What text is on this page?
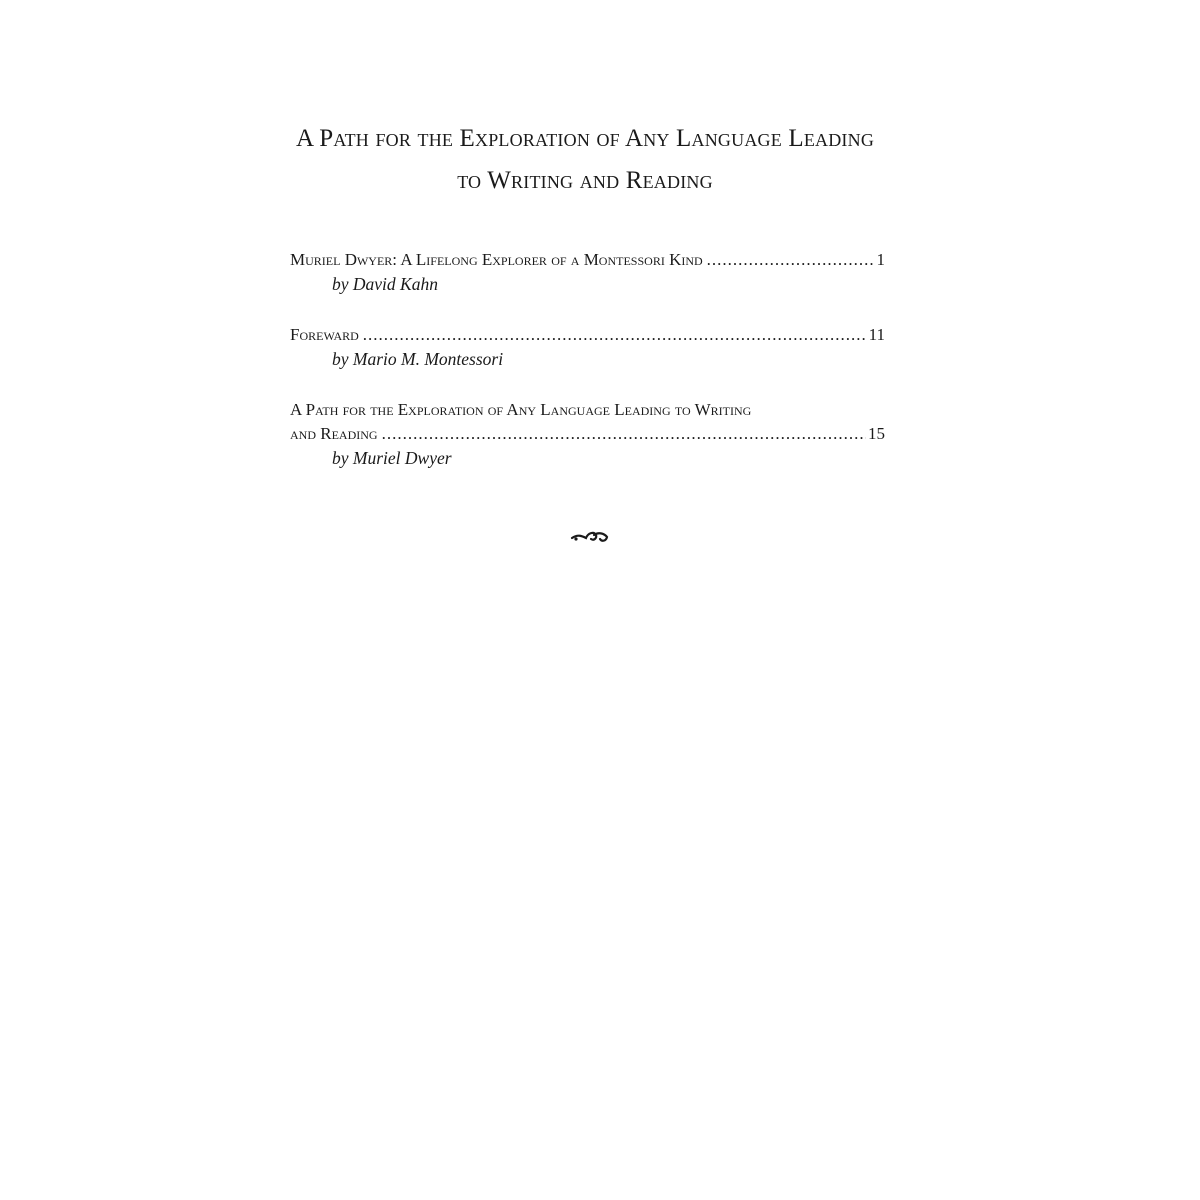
A Path for the Exploration of Any Language Leading
to Writing and Reading
Muriel Dwyer: A Lifelong Explorer of a Montessori Kind .....	1
by David Kahn
Foreward .....	11
by Mario M. Montessori
A Path for the Exploration of Any Language Leading to Writing
and Reading .....	15
by Muriel Dwyer
